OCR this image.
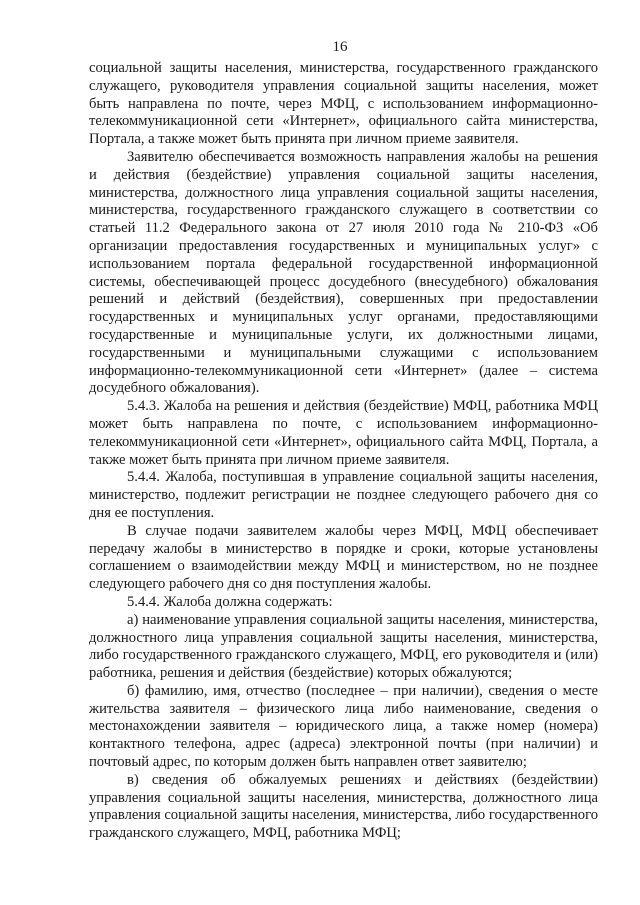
16

социальной защиты населения, министерства, государственного гражданского служащего, руководителя управления социальной защиты населения, может быть направлена по почте, через МФЦ, с использованием информационно-телекоммуникационной сети «Интернет», официального сайта министерства, Портала, а также может быть принята при личном приеме заявителя.

Заявителю обеспечивается возможность направления жалобы на решения и действия (бездействие) управления социальной защиты населения, министерства, должностного лица управления социальной защиты населения, министерства, государственного гражданского служащего в соответствии со статьей 11.2 Федерального закона от 27 июля 2010 года № 210-ФЗ «Об организации предоставления государственных и муниципальных услуг» с использованием портала федеральной государственной информационной системы, обеспечивающей процесс досудебного (внесудебного) обжалования решений и действий (бездействия), совершенных при предоставлении государственных и муниципальных услуг органами, предоставляющими государственные и муниципальные услуги, их должностными лицами, государственными и муниципальными служащими с использованием информационно-телекоммуникационной сети «Интернет» (далее – система досудебного обжалования).

5.4.3. Жалоба на решения и действия (бездействие) МФЦ, работника МФЦ может быть направлена по почте, с использованием информационно-телекоммуникационной сети «Интернет», официального сайта МФЦ, Портала, а также может быть принята при личном приеме заявителя.

5.4.4. Жалоба, поступившая в управление социальной защиты населения, министерство, подлежит регистрации не позднее следующего рабочего дня со дня ее поступления.

В случае подачи заявителем жалобы через МФЦ, МФЦ обеспечивает передачу жалобы в министерство в порядке и сроки, которые установлены соглашением о взаимодействии между МФЦ и министерством, но не позднее следующего рабочего дня со дня поступления жалобы.

5.4.4. Жалоба должна содержать:

а) наименование управления социальной защиты населения, министерства, должностного лица управления социальной защиты населения, министерства, либо государственного гражданского служащего, МФЦ, его руководителя и (или) работника, решения и действия (бездействие) которых обжалуются;

б) фамилию, имя, отчество (последнее – при наличии), сведения о месте жительства заявителя – физического лица либо наименование, сведения о местонахождении заявителя – юридического лица, а также номер (номера) контактного телефона, адрес (адреса) электронной почты (при наличии) и почтовый адрес, по которым должен быть направлен ответ заявителю;

в) сведения об обжалуемых решениях и действиях (бездействии) управления социальной защиты населения, министерства, должностного лица управления социальной защиты населения, министерства, либо государственного гражданского служащего, МФЦ, работника МФЦ;
